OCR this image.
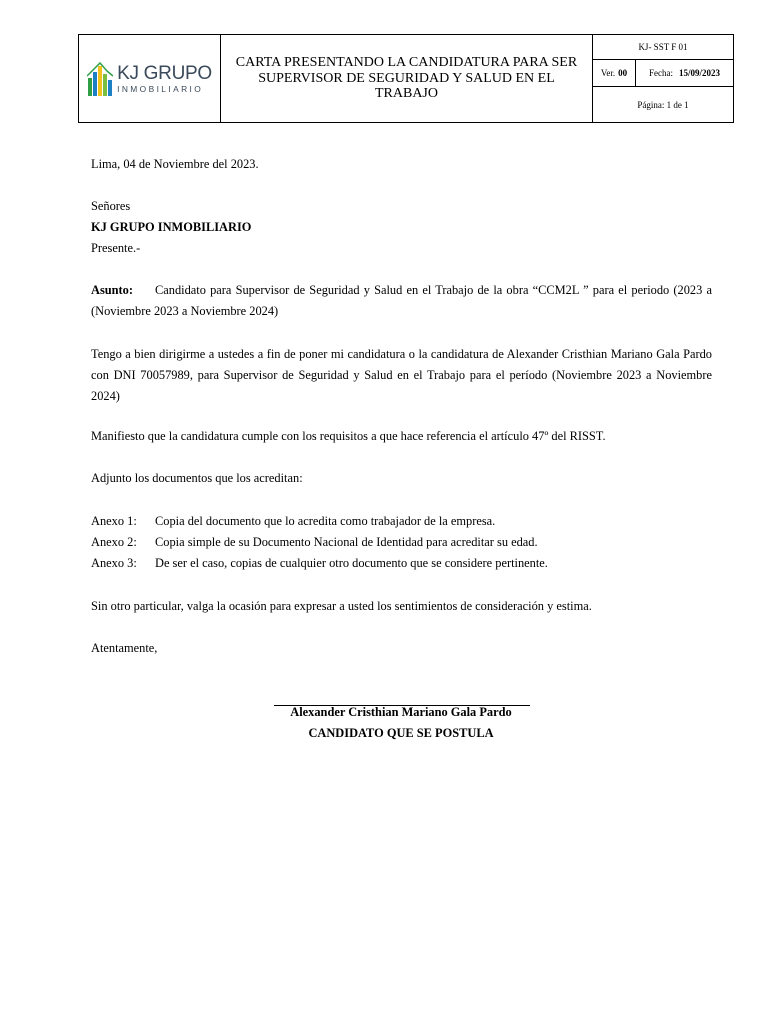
KJ GRUPO
INMOBILIARIO
CARTA PRESENTANDO LA CANDIDATURA PARA SER SUPERVISOR DE SEGURIDAD Y SALUD EN EL TRABAJO
KJ- SST F 01
Ver. 00 Fecha: 15/09/2023
Página: 1 de 1
Lima, 04 de Noviembre del 2023.
Señores
KJ GRUPO INMOBILIARIO
Presente.-
Asunto: Candidato para Supervisor de Seguridad y Salud en el Trabajo de la obra “CCM2L ” para el periodo (2023 a (Noviembre 2023 a Noviembre 2024)
Tengo a bien dirigirme a ustedes a fin de poner mi candidatura o la candidatura de Alexander Cristhian Mariano Gala Pardo con DNI 70057989, para Supervisor de Seguridad y Salud en el Trabajo para el período (Noviembre 2023 a Noviembre 2024)
Manifiesto que la candidatura cumple con los requisitos a que hace referencia el artículo 47º del RISST.
Adjunto los documentos que los acreditan:
Anexo 1: Copia del documento que lo acredita como trabajador de la empresa.
Anexo 2: Copia simple de su Documento Nacional de Identidad para acreditar su edad.
Anexo 3: De ser el caso, copias de cualquier otro documento que se considere pertinente.
Sin otro particular, valga la ocasión para expresar a usted los sentimientos de consideración y estima.
Atentamente,
Alexander Cristhian Mariano Gala Pardo
CANDIDATO QUE SE POSTULA
